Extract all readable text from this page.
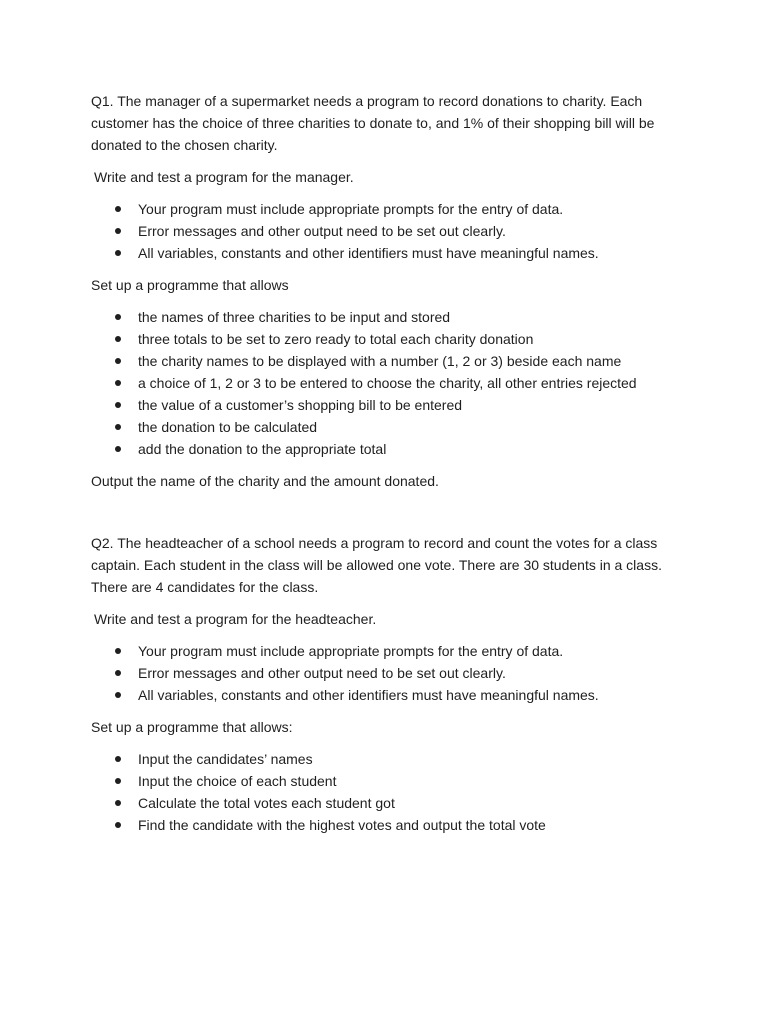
Q1. The manager of a supermarket needs a program to record donations to charity. Each customer has the choice of three charities to donate to, and 1% of their shopping bill will be donated to the chosen charity.

Write and test a program for the manager.

Your program must include appropriate prompts for the entry of data.
Error messages and other output need to be set out clearly.
All variables, constants and other identifiers must have meaningful names.

Set up a programme that allows

the names of three charities to be input and stored
three totals to be set to zero ready to total each charity donation
the charity names to be displayed with a number (1, 2 or 3) beside each name
a choice of 1, 2 or 3 to be entered to choose the charity, all other entries rejected
the value of a customer’s shopping bill to be entered
the donation to be calculated
add the donation to the appropriate total

Output the name of the charity and the amount donated.

Q2. The headteacher of a school needs a program to record and count the votes for a class captain. Each student in the class will be allowed one vote. There are 30 students in a class. There are 4 candidates for the class.

Write and test a program for the headteacher.

Your program must include appropriate prompts for the entry of data.
Error messages and other output need to be set out clearly.
All variables, constants and other identifiers must have meaningful names.

Set up a programme that allows:

Input the candidates’ names
Input the choice of each student
Calculate the total votes each student got
Find the candidate with the highest votes and output the total vote
